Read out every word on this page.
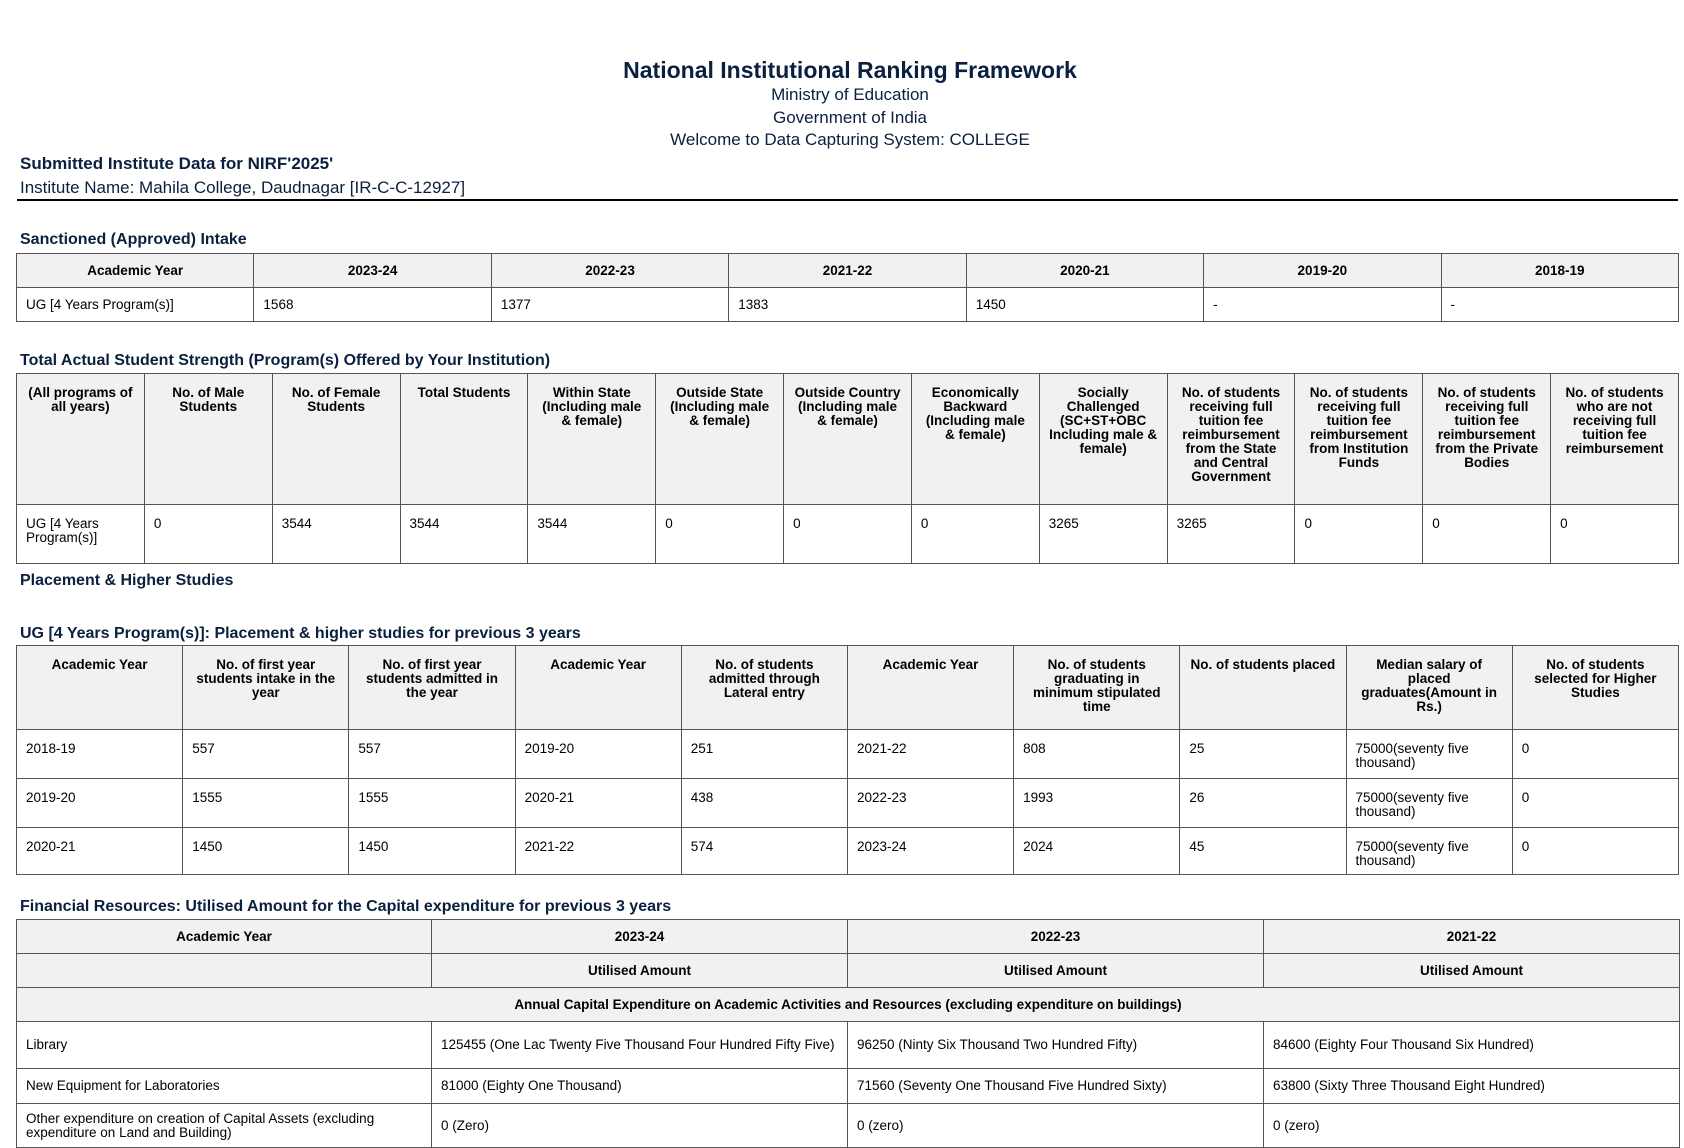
National Institutional Ranking Framework
Ministry of Education
Government of India
Welcome to Data Capturing System: COLLEGE
Submitted Institute Data for NIRF'2025'
Institute Name: Mahila College, Daudnagar [IR-C-C-12927]
Sanctioned (Approved) Intake
Academic Year	2023-24	2022-23	2021-22	2020-21	2019-20	2018-19
UG [4 Years Program(s)]	1568	1377	1383	1450	-	-
Total Actual Student Strength (Program(s) Offered by Your Institution)
(All programs of all years)	No. of Male Students	No. of Female Students	Total Students	Within State (Including male & female)	Outside State (Including male & female)	Outside Country (Including male & female)	Economically Backward (Including male & female)	Socially Challenged (SC+ST+OBC Including male & female)	No. of students receiving full tuition fee reimbursement from the State and Central Government	No. of students receiving full tuition fee reimbursement from Institution Funds	No. of students receiving full tuition fee reimbursement from the Private Bodies	No. of students who are not receiving full tuition fee reimbursement
UG [4 Years Program(s)]	0	3544	3544	3544	0	0	0	3265	3265	0	0	0
Placement & Higher Studies
UG [4 Years Program(s)]: Placement & higher studies for previous 3 years
Academic Year	No. of first year students intake in the year	No. of first year students admitted in the year	Academic Year	No. of students admitted through Lateral entry	Academic Year	No. of students graduating in minimum stipulated time	No. of students placed	Median salary of placed graduates(Amount in Rs.)	No. of students selected for Higher Studies
2018-19	557	557	2019-20	251	2021-22	808	25	75000(seventy five thousand)	0
2019-20	1555	1555	2020-21	438	2022-23	1993	26	75000(seventy five thousand)	0
2020-21	1450	1450	2021-22	574	2023-24	2024	45	75000(seventy five thousand)	0
Financial Resources: Utilised Amount for the Capital expenditure for previous 3 years
Academic Year	2023-24	2022-23	2021-22
	Utilised Amount	Utilised Amount	Utilised Amount
Annual Capital Expenditure on Academic Activities and Resources (excluding expenditure on buildings)			
Library	125455 (One Lac Twenty Five Thousand Four Hundred Fifty Five)	96250 (Ninty Six Thousand Two Hundred Fifty)	84600 (Eighty Four Thousand Six Hundred)
New Equipment for Laboratories	81000 (Eighty One Thousand)	71560 (Seventy One Thousand Five Hundred Sixty)	63800 (Sixty Three Thousand Eight Hundred)
Other expenditure on creation of Capital Assets (excluding expenditure on Land and Building)	0 (Zero)	0 (zero)	0 (zero)
